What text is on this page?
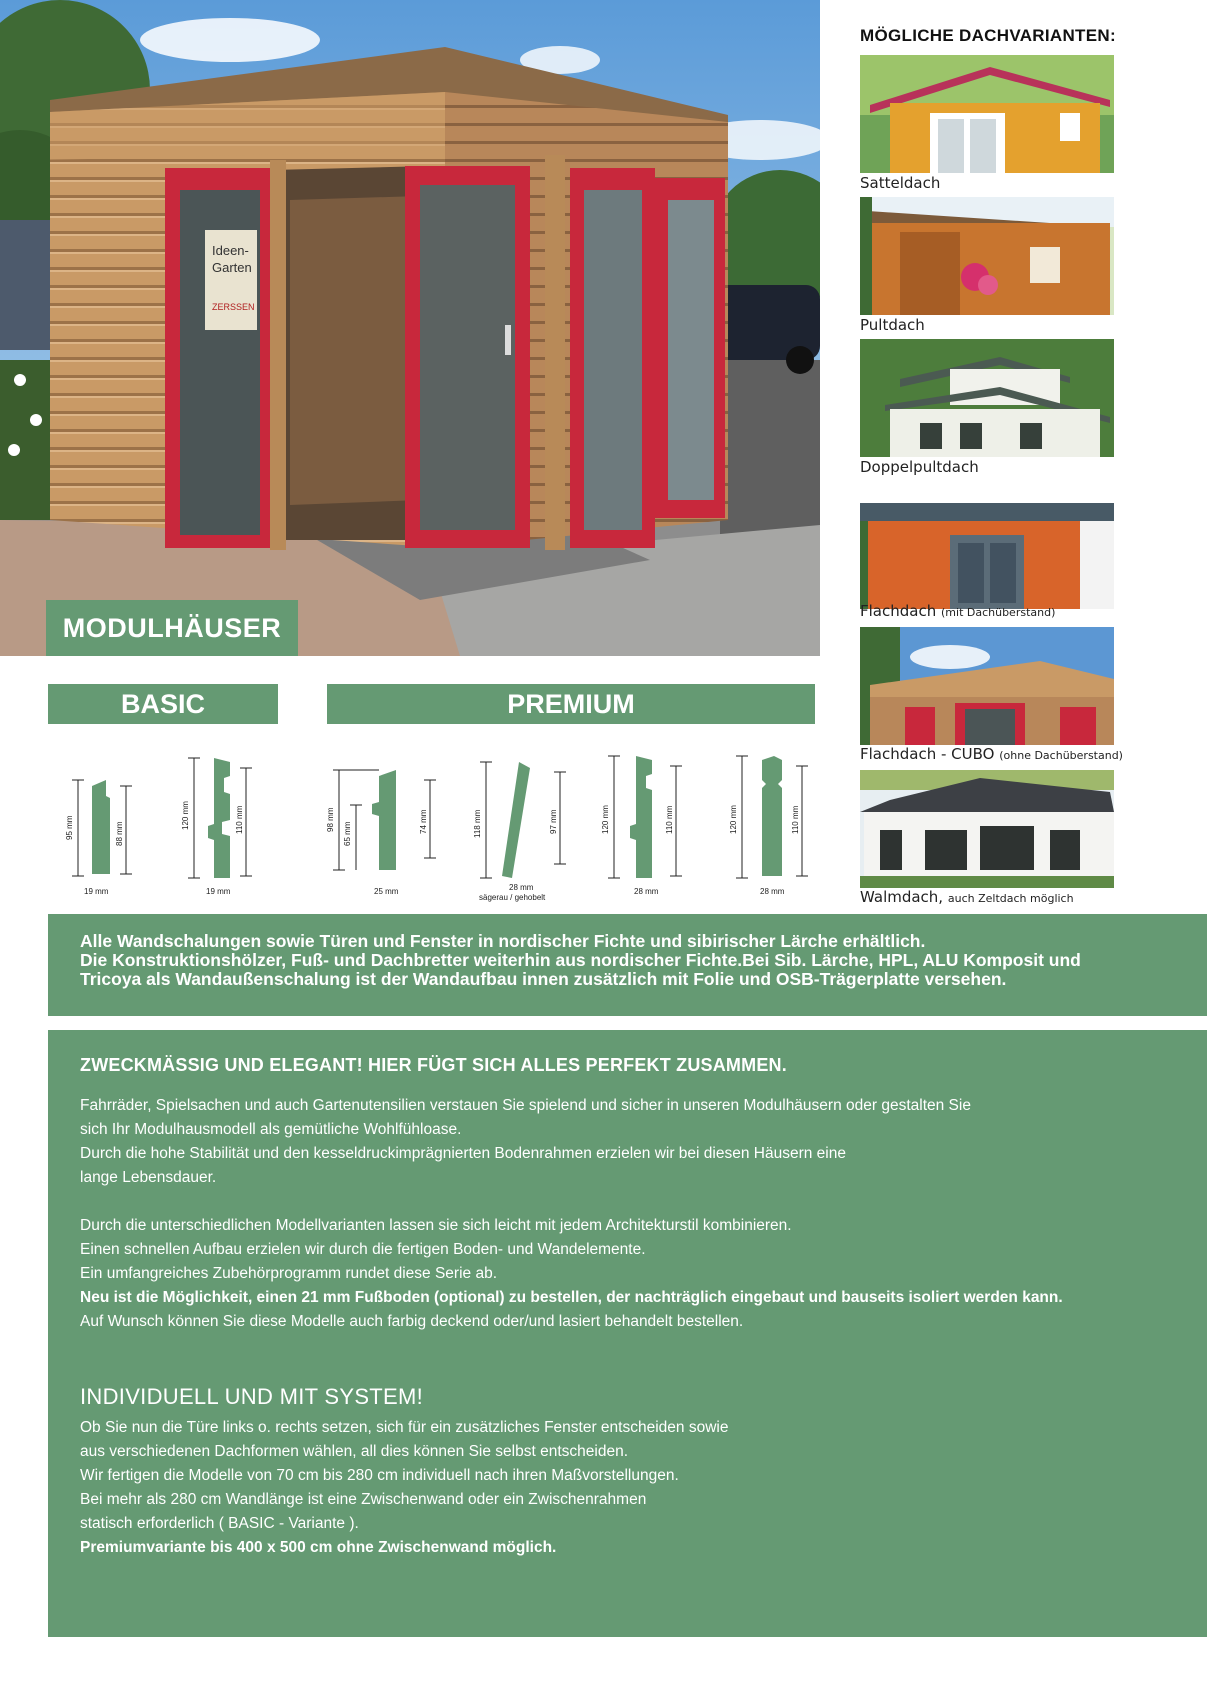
Ideen-
Garten
ZERSSEN
MODULHÄUSER
MÖGLICHE DACHVARIANTEN:
Satteldach
Pultdach
Doppelpultdach
Flachdach (mit Dachüberstand)
Flachdach - CUBO (ohne Dachüberstand)
Walmdach, auch Zeltdach möglich
BASIC	PREMIUM
95 mm	88 mm
19 mm
120 mm	110 mm
19 mm
98 mm
65 mm	74 mm
25 mm
118 mm	97 mm
28 mm
sägerau / gehobelt
120 mm	110 mm
28 mm
120 mm	110 mm
28 mm
Alle Wandschalungen sowie Türen und Fenster in nordischer Fichte und sibirischer Lärche erhältlich.
Die Konstruktionshölzer, Fuß- und Dachbretter weiterhin aus nordischer Fichte.Bei Sib. Lärche, HPL, ALU Komposit und
Tricoya als Wandaußenschalung ist der Wandaufbau innen zusätzlich mit Folie und OSB-Trägerplatte versehen.
ZWECKMÄSSIG UND ELEGANT! HIER FÜGT SICH ALLES PERFEKT ZUSAMMEN.

Fahrräder, Spielsachen und auch Gartenutensilien verstauen Sie spielend und sicher in unseren Modulhäusern oder gestalten Sie

sich Ihr Modulhausmodell als gemütliche Wohlfühloase.

Durch die hohe Stabilität und den kesseldruckimprägnierten Bodenrahmen erzielen wir bei diesen Häusern eine

lange Lebensdauer.

Durch die unterschiedlichen Modellvarianten lassen sie sich leicht mit jedem Architekturstil kombinieren.

Einen schnellen Aufbau erzielen wir durch die fertigen Boden- und Wandelemente.

Ein umfangreiches Zubehörprogramm rundet diese Serie ab.

Neu ist die Möglichkeit, einen 21 mm Fußboden (optional) zu bestellen, der nachträglich eingebaut und bauseits isoliert werden kann.

Auf Wunsch können Sie diese Modelle auch farbig deckend oder/und lasiert behandelt bestellen.

INDIVIDUELL UND MIT SYSTEM!

Ob Sie nun die Türe links o. rechts setzen, sich für ein zusätzliches Fenster entscheiden sowie

aus verschiedenen Dachformen wählen, all dies können Sie selbst entscheiden.

Wir fertigen die Modelle von 70 cm bis 280 cm individuell nach ihren Maßvorstellungen.

Bei mehr als 280 cm Wandlänge ist eine Zwischenwand oder ein Zwischenrahmen

statisch erforderlich ( BASIC - Variante ).

Premiumvariante bis 400 x 500 cm ohne Zwischenwand möglich.
